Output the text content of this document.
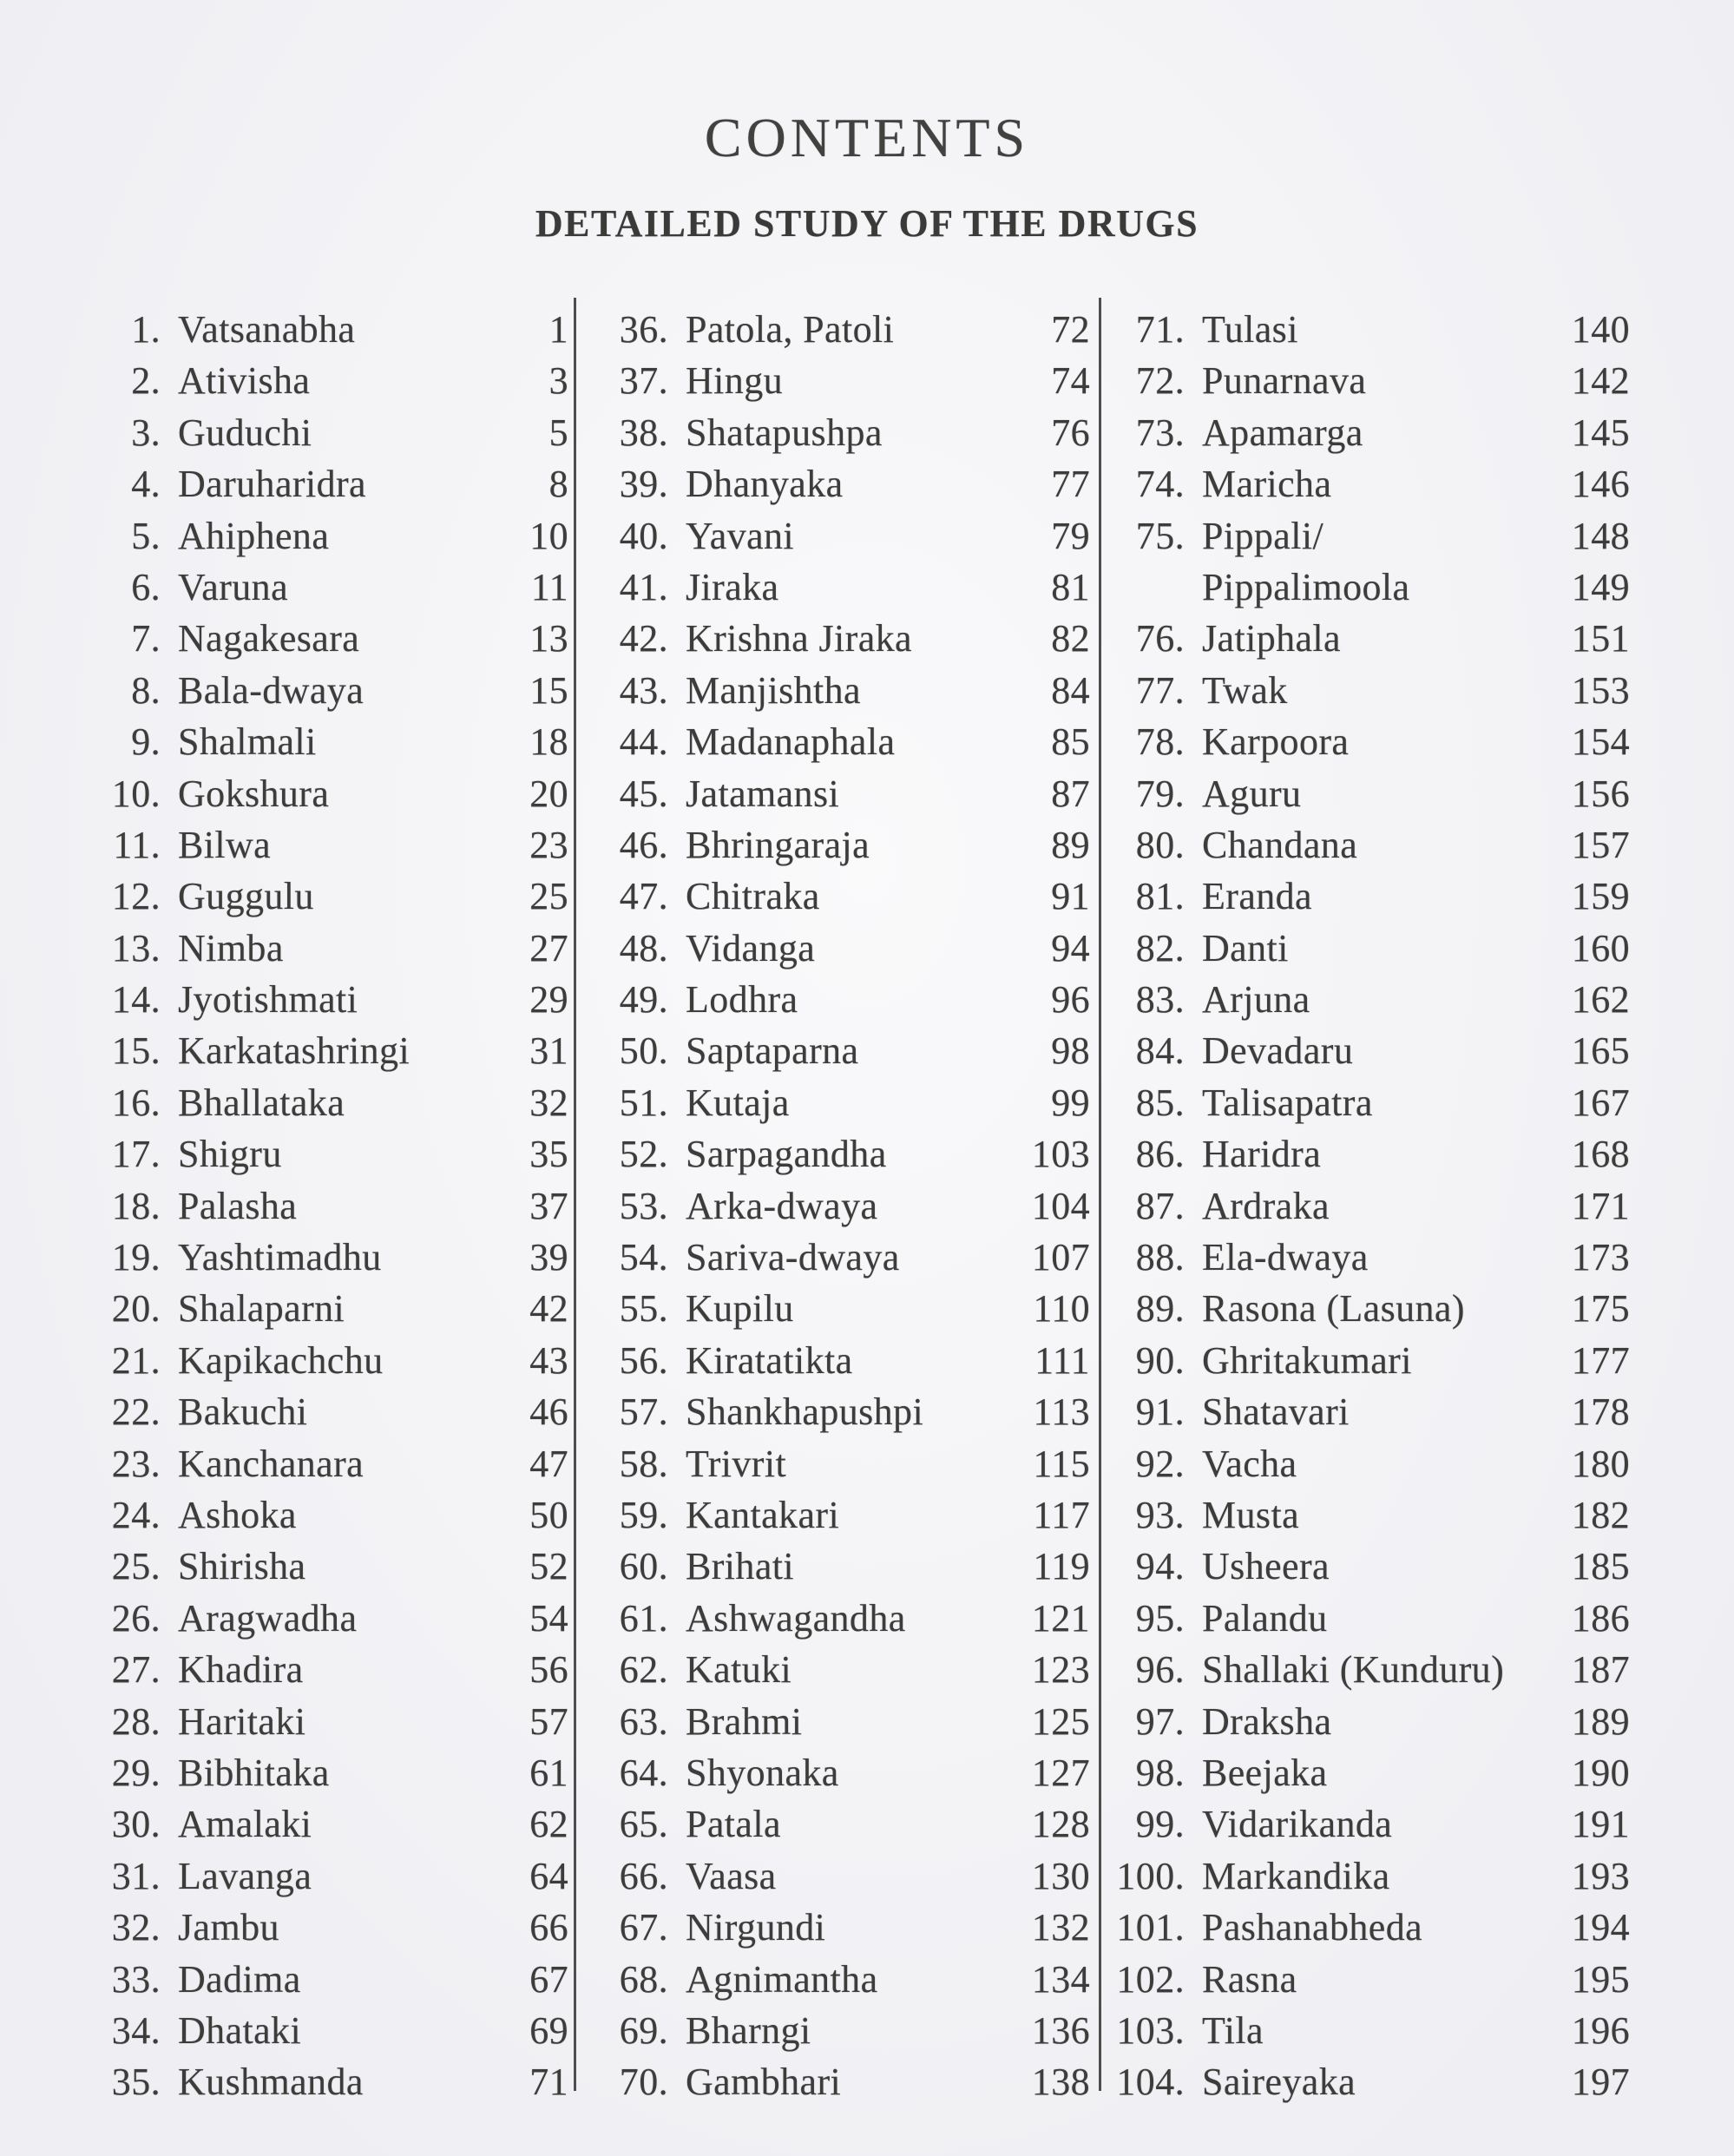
CONTENTS
DETAILED STUDY OF THE DRUGS
1. Vatsanabha	1
2. Ativisha	3
3. Guduchi	5
4. Daruharidra	8
5. Ahiphena	10
6. Varuna	11
7. Nagakesara	13
8. Bala-dwaya	15
9. Shalmali	18
10. Gokshura	20
11. Bilwa	23
12. Guggulu	25
13. Nimba	27
14. Jyotishmati	29
15. Karkatashringi	31
16. Bhallataka	32
17. Shigru	35
18. Palasha	37
19. Yashtimadhu	39
20. Shalaparni	42
21. Kapikachchu	43
22. Bakuchi	46
23. Kanchanara	47
24. Ashoka	50
25. Shirisha	52
26. Aragwadha	54
27. Khadira	56
28. Haritaki	57
29. Bibhitaka	61
30. Amalaki	62
31. Lavanga	64
32. Jambu	66
33. Dadima	67
34. Dhataki	69
35. Kushmanda	71
36. Patola, Patoli	72
37. Hingu	74
38. Shatapushpa	76
39. Dhanyaka	77
40. Yavani	79
41. Jiraka	81
42. Krishna Jiraka	82
43. Manjishtha	84
44. Madanaphala	85
45. Jatamansi	87
46. Bhringaraja	89
47. Chitraka	91
48. Vidanga	94
49. Lodhra	96
50. Saptaparna	98
51. Kutaja	99
52. Sarpagandha	103
53. Arka-dwaya	104
54. Sariva-dwaya	107
55. Kupilu	110
56. Kiratatikta	111
57. Shankhapushpi	113
58. Trivrit	115
59. Kantakari	117
60. Brihati	119
61. Ashwagandha	121
62. Katuki	123
63. Brahmi	125
64. Shyonaka	127
65. Patala	128
66. Vaasa	130
67. Nirgundi	132
68. Agnimantha	134
69. Bharngi	136
70. Gambhari	138
71. Tulasi	140
72. Punarnava	142
73. Apamarga	145
74. Maricha	146
75. Pippali/	148
Pippalimoola	149
76. Jatiphala	151
77. Twak	153
78. Karpoora	154
79. Aguru	156
80. Chandana	157
81. Eranda	159
82. Danti	160
83. Arjuna	162
84. Devadaru	165
85. Talisapatra	167
86. Haridra	168
87. Ardraka	171
88. Ela-dwaya	173
89. Rasona (Lasuna)	175
90. Ghritakumari	177
91. Shatavari	178
92. Vacha	180
93. Musta	182
94. Usheera	185
95. Palandu	186
96. Shallaki (Kunduru)	187
97. Draksha	189
98. Beejaka	190
99. Vidarikanda	191
100. Markandika	193
101. Pashanabheda	194
102. Rasna	195
103. Tila	196
104. Saireyaka	197
